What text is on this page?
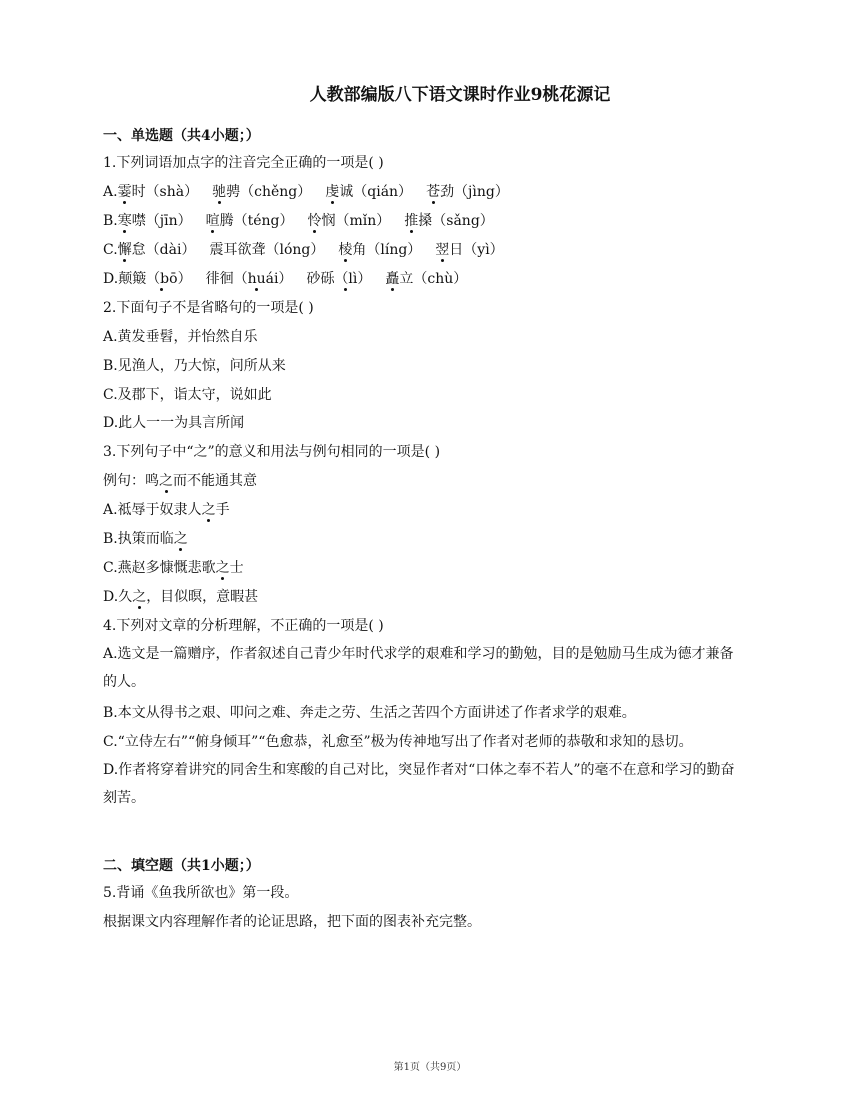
人教部编版八下语文课时作业9桃花源记
一、单选题（共4小题；）
1.下列词语加点字的注音完全正确的一项是( )
A.霎时（shà） 驰骋（chěng） 虔诚（qián） 苍劲（jìng）
B.寒噤（jīn） 喧腾（téng） 怜悯（mǐn） 推搡（sǎng）
C.懈怠（dài） 震耳欲聋（lóng） 棱角（líng） 翌日（yì）
D.颠簸（bō） 徘徊（huái） 砂砾（lì） 矗立（chù）
2.下面句子不是省略句的一项是( )
A.黄发垂髫，并怡然自乐
B.见渔人，乃大惊，问所从来
C.及郡下，诣太守，说如此
D.此人一一为具言所闻
3.下列句子中“之”的意义和用法与例句相同的一项是( )
例句：鸣之而不能通其意
A.祗辱于奴隶人之手
B.执策而临之
C.燕赵多慷慨悲歌之士
D.久之，目似暝，意暇甚
4.下列对文章的分析理解，不正确的一项是( )
A.选文是一篇赠序，作者叙述自己青少年时代求学的艰难和学习的勤勉，目的是勉励马生成为德才兼备的人。
B.本文从得书之艰、叩问之难、奔走之劳、生活之苦四个方面讲述了作者求学的艰难。
C.“立侍左右”“俯身倾耳”“色愈恭，礼愈至”极为传神地写出了作者对老师的恭敬和求知的恳切。
D.作者将穿着讲究的同舍生和寒酸的自己对比，突显作者对“口体之奉不若人”的毫不在意和学习的勤奋刻苦。
二、填空题（共1小题；）
5.背诵《鱼我所欲也》第一段。
根据课文内容理解作者的论证思路，把下面的图表补充完整。
第1页（共9页）
